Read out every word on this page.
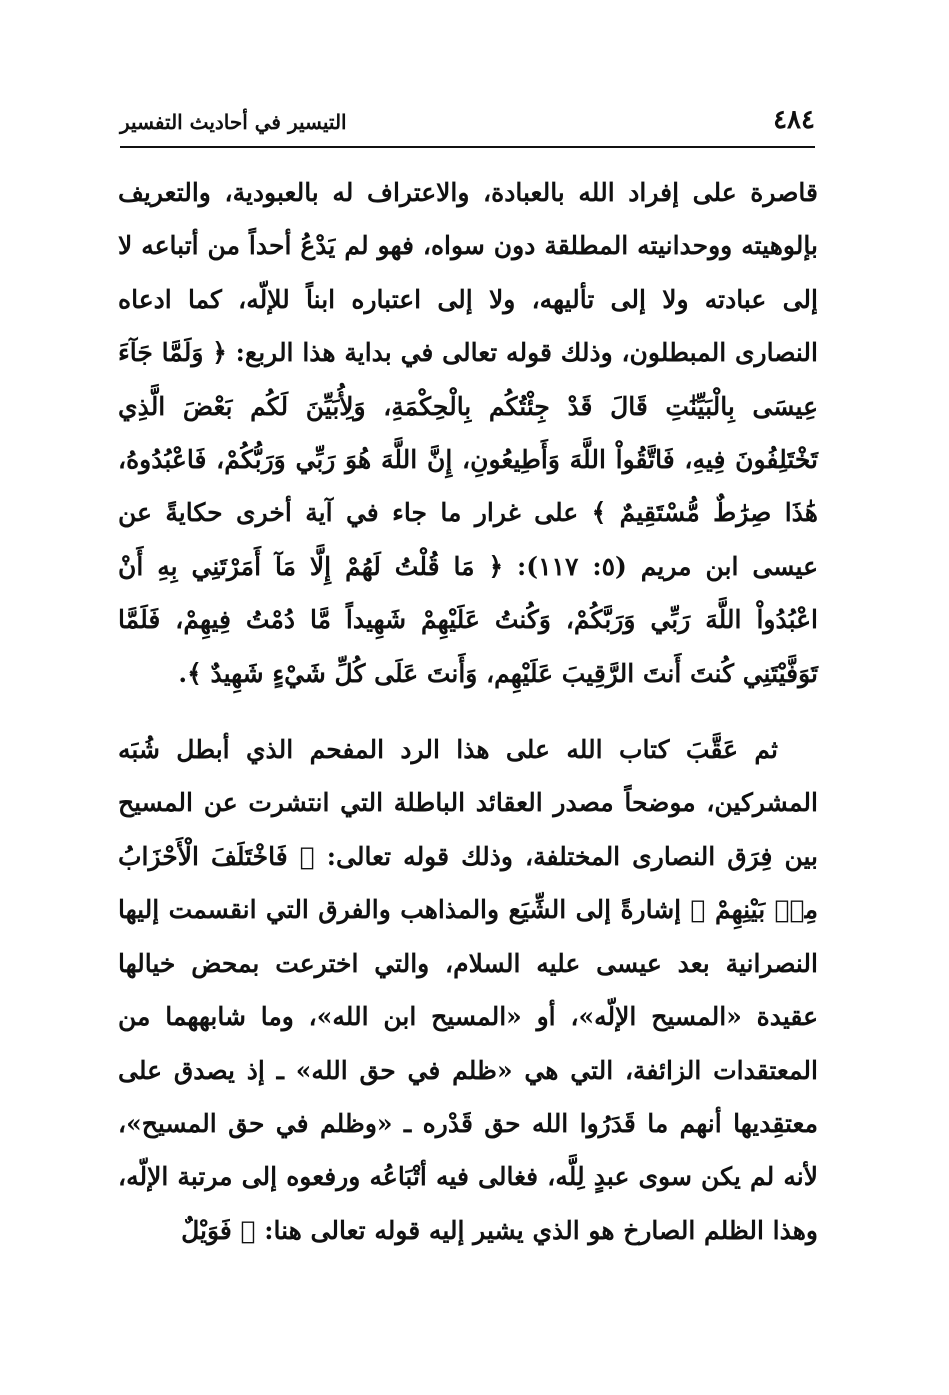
٤٨٤
التيسير في أحاديث التفسير

قاصرة على إفراد الله بالعبادة، والاعتراف له بالعبودية، والتعريف بإلوهيته ووحدانيته المطلقة دون سواه، فهو لم يَدْعُ أحداً من أتباعه لا إلى عبادته ولا إلى تأليهه، ولا إلى اعتباره ابناً للإلّه، كما ادعاه النصارى المبطلون، وذلك قوله تعالى في بداية هذا الربع: ﴿ وَلَمَّا جَآءَ عِيسَى بِالْبَيِّنَٰتِ قَالَ قَدْ جِئْتُكُم بِالْحِكْمَةِ، وَلِأُبَيِّنَ لَكُم بَعْضَ الَّذِي تَخْتَلِفُونَ فِيهِ، فَاتَّقُواْ اللَّهَ وَأَطِيعُونِ، إِنَّ اللَّهَ هُوَ رَبِّي وَرَبُّكُمْ، فَاعْبُدُوهُ، هَٰذَا صِرَٰطٌ مُّسْتَقِيمٌ ﴾ على غرار ما جاء في آية أخرى حكايةً عن عيسى ابن مريم (٥: ١١٧): ﴿ مَا قُلْتُ لَهُمْ إِلَّا مَآ أَمَرْتَنِي بِهِ أَنْ اعْبُدُواْ اللَّهَ رَبِّي وَرَبَّكُمْ، وَكُنتُ عَلَيْهِمْ شَهِيداً مَّا دُمْتُ فِيهِمْ، فَلَمَّا تَوَفَّيْتَنِي كُنتَ أَنتَ الرَّقِيبَ عَلَيْهِم، وَأَنتَ عَلَى كُلِّ شَيْءٍ شَهِيدٌ ﴾.

ثم عَقَّبَ كتاب الله على هذا الرد المفحم الذي أبطل شُبَه المشركين، موضحاً مصدر العقائد الباطلة التي انتشرت عن المسيح بين فِرَق النصارى المختلفة، وذلك قوله تعالى: ﴿ فَاخْتَلَفَ الْأَحْزَابُ مِنۢ بَيْنِهِمْ ﴾ إشارةً إلى الشِّيَع والمذاهب والفرق التي انقسمت إليها النصرانية بعد عيسى عليه السلام، والتي اخترعت بمحض خيالها عقيدة «المسيح الإلّه»، أو «المسيح ابن الله»، وما شابههما من المعتقدات الزائفة، التي هي «ظلم في حق الله» ـ إذ يصدق على معتقِديها أنهم ما قَدَرُوا الله حق قَدْره ـ «وظلم في حق المسيح»، لأنه لم يكن سوى عبدٍ لِلَّه، فغالى فيه أتْبَاعُه ورفعوه إلى مرتبة الإلّه، وهذا الظلم الصارخ هو الذي يشير إليه قوله تعالى هنا: ﴿ فَوَيْلٌ
